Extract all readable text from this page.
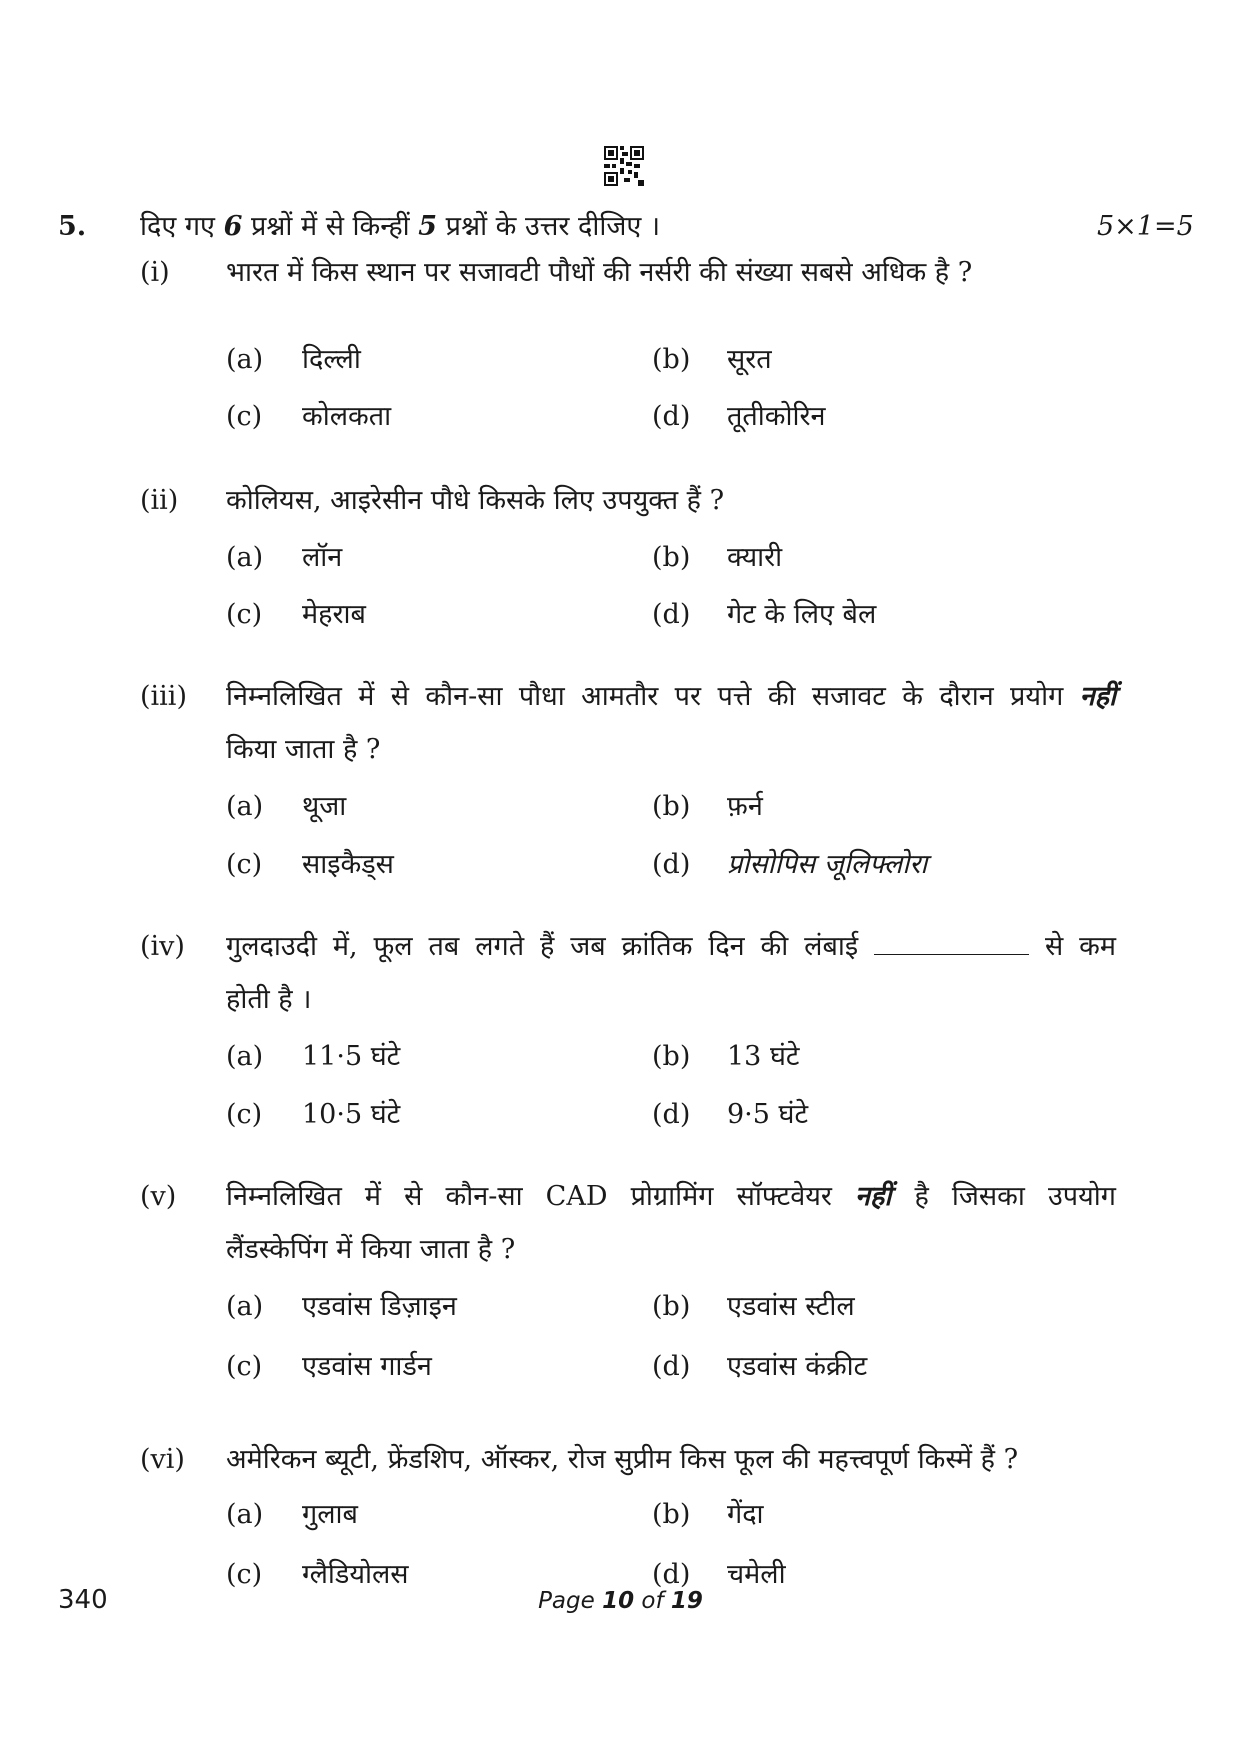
5. दिए गए 6 प्रश्नों में से किन्हीं 5 प्रश्नों के उत्तर दीजिए ।	5×1=5
(i) भारत में किस स्थान पर सजावटी पौधों की नर्सरी की संख्या सबसे अधिक है ?
(a) दिल्ली	(b) सूरत
(c) कोलकता	(d) तूतीकोरिन
(ii) कोलियस, आइरेसीन पौधे किसके लिए उपयुक्त हैं ?
(a) लॉन	(b) क्यारी
(c) मेहराब	(d) गेट के लिए बेल
(iii) निम्नलिखित में से कौन-सा पौधा आमतौर पर पत्ते की सजावट के दौरान प्रयोग नहीं
किया जाता है ?
(a) थूजा	(b) फ़र्न
(c) साइकैड्स	(d) प्रोसोपिस जूलिफ्लोरा
(iv) गुलदाउदी में, फूल तब लगते हैं जब क्रांतिक दिन की लंबाई	से कम
होती है ।
(a) 11·5 घंटे	(b) 13 घंटे
(c) 10·5 घंटे	(d) 9·5 घंटे
(v) निम्नलिखित में से कौन-सा CAD प्रोग्रामिंग सॉफ्टवेयर नहीं है जिसका उपयोग
लैंडस्केपिंग में किया जाता है ?
(a) एडवांस डिज़ाइन	(b) एडवांस स्टील
(c) एडवांस गार्डन	(d) एडवांस कंक्रीट
(vi) अमेरिकन ब्यूटी, फ्रेंडशिप, ऑस्कर, रोज सुप्रीम किस फूल की महत्त्वपूर्ण किस्में हैं ?
(a) गुलाब	(b) गेंदा
(c) ग्लैडियोलस	(d) चमेली
340	Page 10 of 19
